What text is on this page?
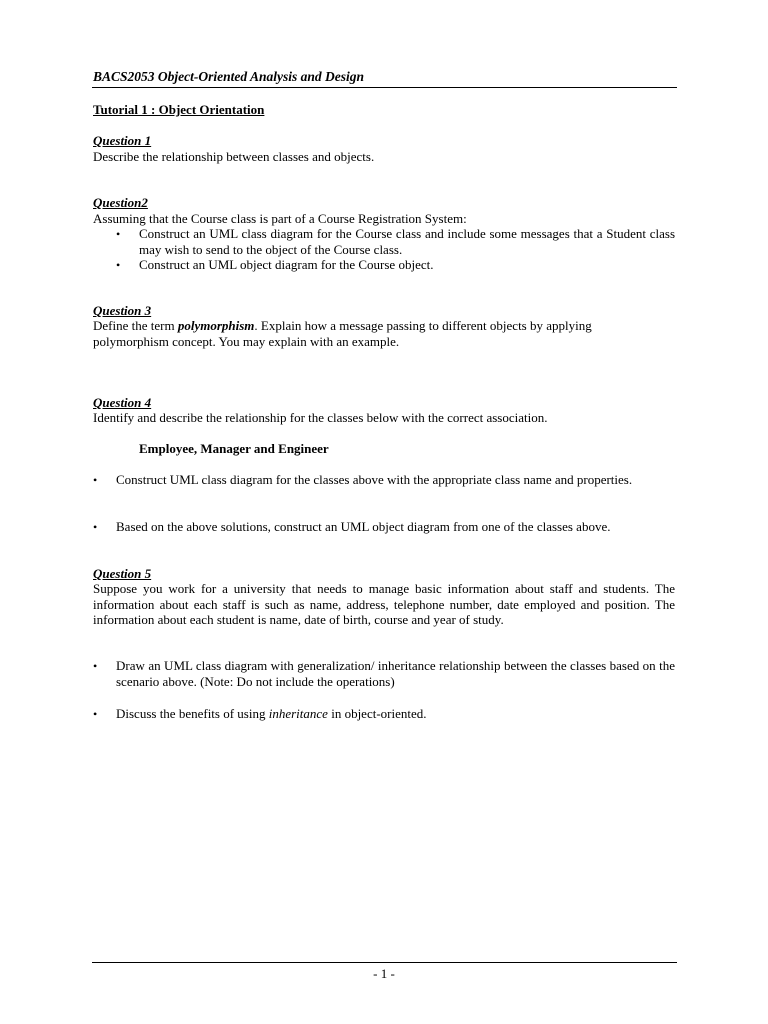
BACS2053 Object-Oriented Analysis and Design
Tutorial 1 : Object Orientation
Question 1
Describe the relationship between classes and objects.
Question2
Assuming that the Course class is part of a Course Registration System:
• Construct an UML class diagram for the Course class and include some messages that a Student class may wish to send to the object of the Course class.
• Construct an UML object diagram for the Course object.
Question 3
Define the term polymorphism. Explain how a message passing to different objects by applying polymorphism concept. You may explain with an example.
Question 4
Identify and describe the relationship for the classes below with the correct association.
Employee, Manager and Engineer
• Construct UML class diagram for the classes above with the appropriate class name and properties.
• Based on the above solutions, construct an UML object diagram from one of the classes above.
Question 5
Suppose you work for a university that needs to manage basic information about staff and students. The information about each staff is such as name, address, telephone number, date employed and position. The information about each student is name, date of birth, course and year of study.
• Draw an UML class diagram with generalization/ inheritance relationship between the classes based on the scenario above. (Note: Do not include the operations)
• Discuss the benefits of using inheritance in object-oriented.
- 1 -
